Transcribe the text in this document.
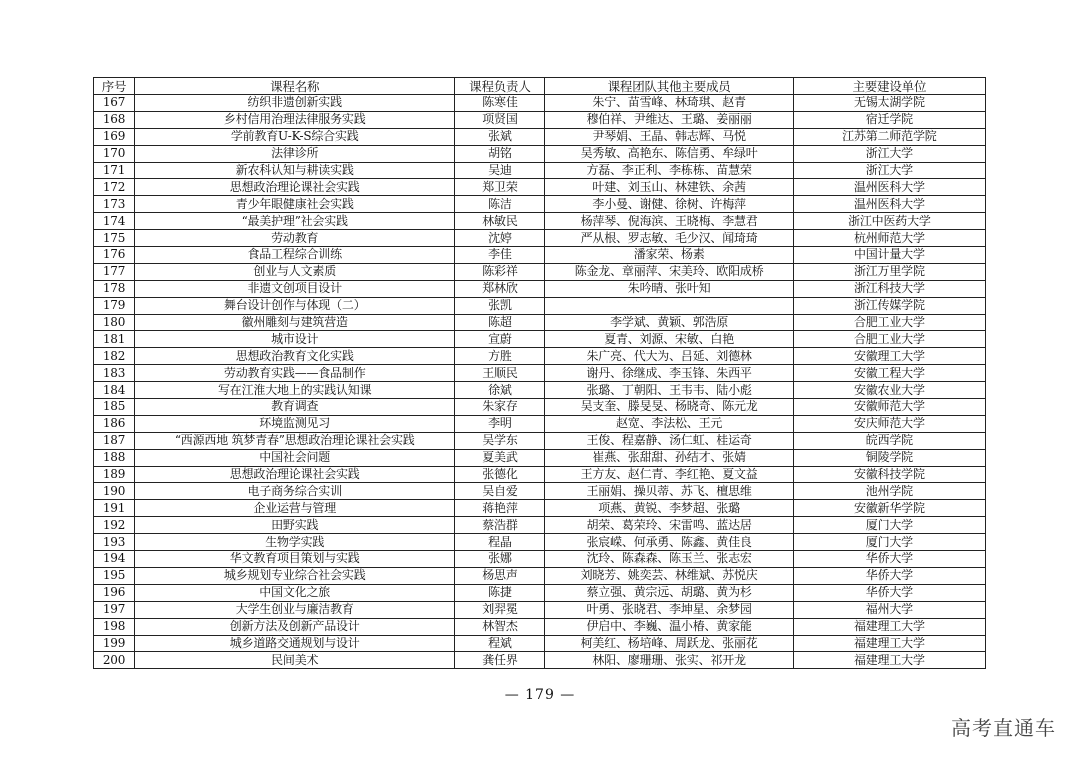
序号	课程名称	课程负责人	课程团队其他主要成员	主要建设单位
167	纺织非遗创新实践	陈寒佳	朱宁、苗雪峰、林琦琪、赵青	无锡太湖学院
168	乡村信用治理法律服务实践	项贤国	穆伯祥、尹维达、王璐、姜丽丽	宿迁学院
169	学前教育U-K-S综合实践	张斌	尹琴娟、王晶、韩志辉、马悦	江苏第二师范学院
170	法律诊所	胡铭	吴秀敏、高艳东、陈信勇、牟绿叶	浙江大学
171	新农科认知与耕读实践	吴迪	方磊、李正利、李栋栋、苗慧荣	浙江大学
172	思想政治理论课社会实践	郑卫荣	叶建、刘玉山、林建铁、余茜	温州医科大学
173	青少年眼健康社会实践	陈洁	李小曼、谢健、徐树、许梅萍	温州医科大学
174	“最美护理”社会实践	林敏民	杨萍琴、倪海滨、王晓梅、李慧君	浙江中医药大学
175	劳动教育	沈婷	严从根、罗志敏、毛少汉、闻琦琦	杭州师范大学
176	食品工程综合训练	李佳	潘家荣、杨素	中国计量大学
177	创业与人文素质	陈彩祥	陈金龙、章丽萍、宋美玲、欧阳成桥	浙江万里学院
178	非遗文创项目设计	郑林欣	朱吟晴、张叶知	浙江科技大学
179	舞台设计创作与体现（二）	张凯		浙江传媒学院
180	徽州雕刻与建筑营造	陈超	李学斌、黄颖、郭浩原	合肥工业大学
181	城市设计	宣蔚	夏青、刘源、宋敏、白艳	合肥工业大学
182	思想政治教育文化实践	方胜	朱广亮、代大为、吕延、刘德林	安徽理工大学
183	劳动教育实践——食品制作	王顺民	谢丹、徐继成、李玉锋、朱西平	安徽工程大学
184	写在江淮大地上的实践认知课	徐斌	张璐、丁朝阳、王韦韦、陆小彪	安徽农业大学
185	教育调查	朱家存	吴支奎、滕旻旻、杨晓奇、陈元龙	安徽师范大学
186	环境监测见习	李明	赵宽、李法松、王元	安庆师范大学
187	“西源西地 筑梦青春”思想政治理论课社会实践	吴学东	王俊、程嘉静、汤仁虹、桂运奇	皖西学院
188	中国社会问题	夏美武	崔燕、张甜甜、孙结才、张婧	铜陵学院
189	思想政治理论课社会实践	张德化	王方友、赵仁青、李红艳、夏文益	安徽科技学院
190	电子商务综合实训	吴自爱	王丽娟、操贝蒂、苏飞、檀思维	池州学院
191	企业运营与管理	蒋艳萍	项燕、黄锐、李梦超、张璐	安徽新华学院
192	田野实践	蔡浩群	胡荣、葛荣玲、宋雷鸣、蓝达居	厦门大学
193	生物学实践	程晶	张宸嵘、何承勇、陈鑫、黄佳良	厦门大学
194	华文教育项目策划与实践	张娜	沈玲、陈森森、陈玉兰、张志宏	华侨大学
195	城乡规划专业综合社会实践	杨思声	刘晓芳、姚奕芸、林维斌、苏悦庆	华侨大学
196	中国文化之旅	陈捷	蔡立强、黄宗远、胡璐、黄为杉	华侨大学
197	大学生创业与廉洁教育	刘羿冕	叶勇、张晓君、李坤星、余梦园	福州大学
198	创新方法及创新产品设计	林智杰	伊启中、李巍、温小椿、黄家能	福建理工大学
199	城乡道路交通规划与设计	程斌	柯美红、杨培峰、周跃龙、张丽花	福建理工大学
200	民间美术	龚任界	林阳、廖珊珊、张实、祁开龙	福建理工大学
— 179 —
高考直通车
